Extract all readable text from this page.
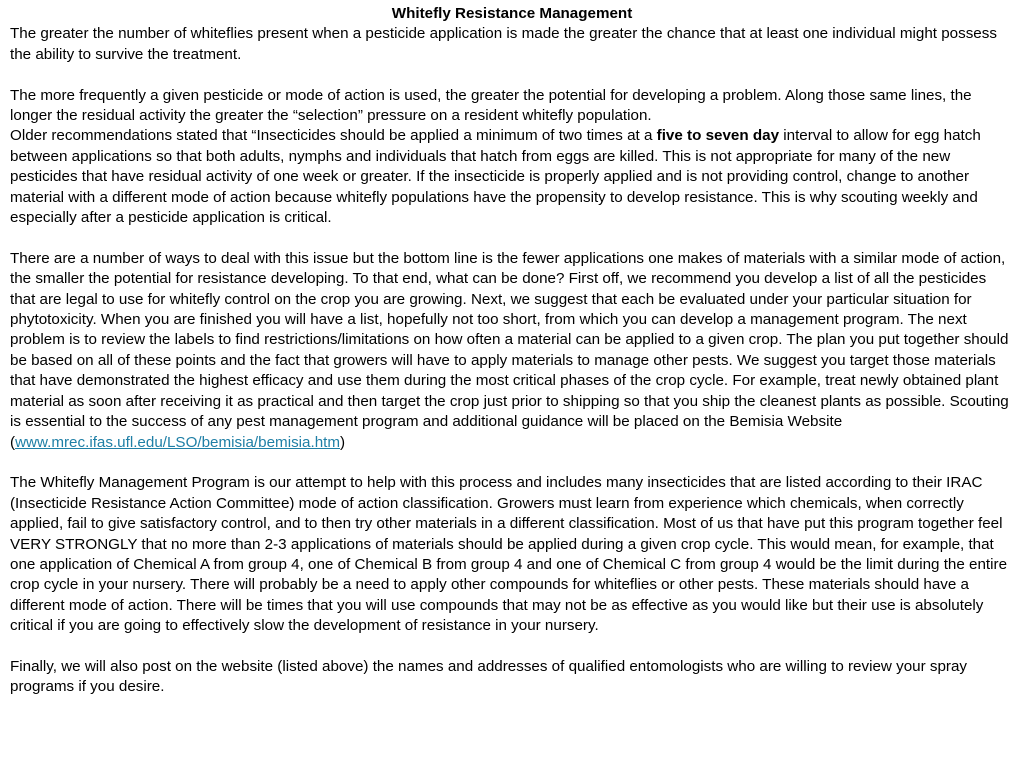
Whitefly Resistance Management

The greater the number of whiteflies present when a pesticide application is made the greater the chance that at least one individual might possess the ability to survive the treatment.

The more frequently a given pesticide or mode of action is used, the greater the potential for developing a problem. Along those same lines, the longer the residual activity the greater the “selection” pressure on a resident whitefly population.

Older recommendations stated that “Insecticides should be applied a minimum of two times at a five to seven day interval to allow for egg hatch between applications so that both adults, nymphs and individuals that hatch from eggs are killed. This is not appropriate for many of the new pesticides that have residual activity of one week or greater. If the insecticide is properly applied and is not providing control, change to another material with a different mode of action because whitefly populations have the propensity to develop resistance. This is why scouting weekly and especially after a pesticide application is critical.

There are a number of ways to deal with this issue but the bottom line is the fewer applications one makes of materials with a similar mode of action, the smaller the potential for resistance developing. To that end, what can be done? First off, we recommend you develop a list of all the pesticides that are legal to use for whitefly control on the crop you are growing. Next, we suggest that each be evaluated under your particular situation for phytotoxicity. When you are finished you will have a list, hopefully not too short, from which you can develop a management program. The next problem is to review the labels to find restrictions/limitations on how often a material can be applied to a given crop. The plan you put together should be based on all of these points and the fact that growers will have to apply materials to manage other pests. We suggest you target those materials that have demonstrated the highest efficacy and use them during the most critical phases of the crop cycle. For example, treat newly obtained plant material as soon after receiving it as practical and then target the crop just prior to shipping so that you ship the cleanest plants as possible. Scouting is essential to the success of any pest management program and additional guidance will be placed on the Bemisia Website (www.mrec.ifas.ufl.edu/LSO/bemisia/bemisia.htm)

The Whitefly Management Program is our attempt to help with this process and includes many insecticides that are listed according to their IRAC (Insecticide Resistance Action Committee) mode of action classification. Growers must learn from experience which chemicals, when correctly applied, fail to give satisfactory control, and to then try other materials in a different classification. Most of us that have put this program together feel VERY STRONGLY that no more than 2-3 applications of materials should be applied during a given crop cycle. This would mean, for example, that one application of Chemical A from group 4, one of Chemical B from group 4 and one of Chemical C from group 4 would be the limit during the entire crop cycle in your nursery. There will probably be a need to apply other compounds for whiteflies or other pests. These materials should have a different mode of action. There will be times that you will use compounds that may not be as effective as you would like but their use is absolutely critical if you are going to effectively slow the development of resistance in your nursery.

Finally, we will also post on the website (listed above) the names and addresses of qualified entomologists who are willing to review your spray programs if you desire.
